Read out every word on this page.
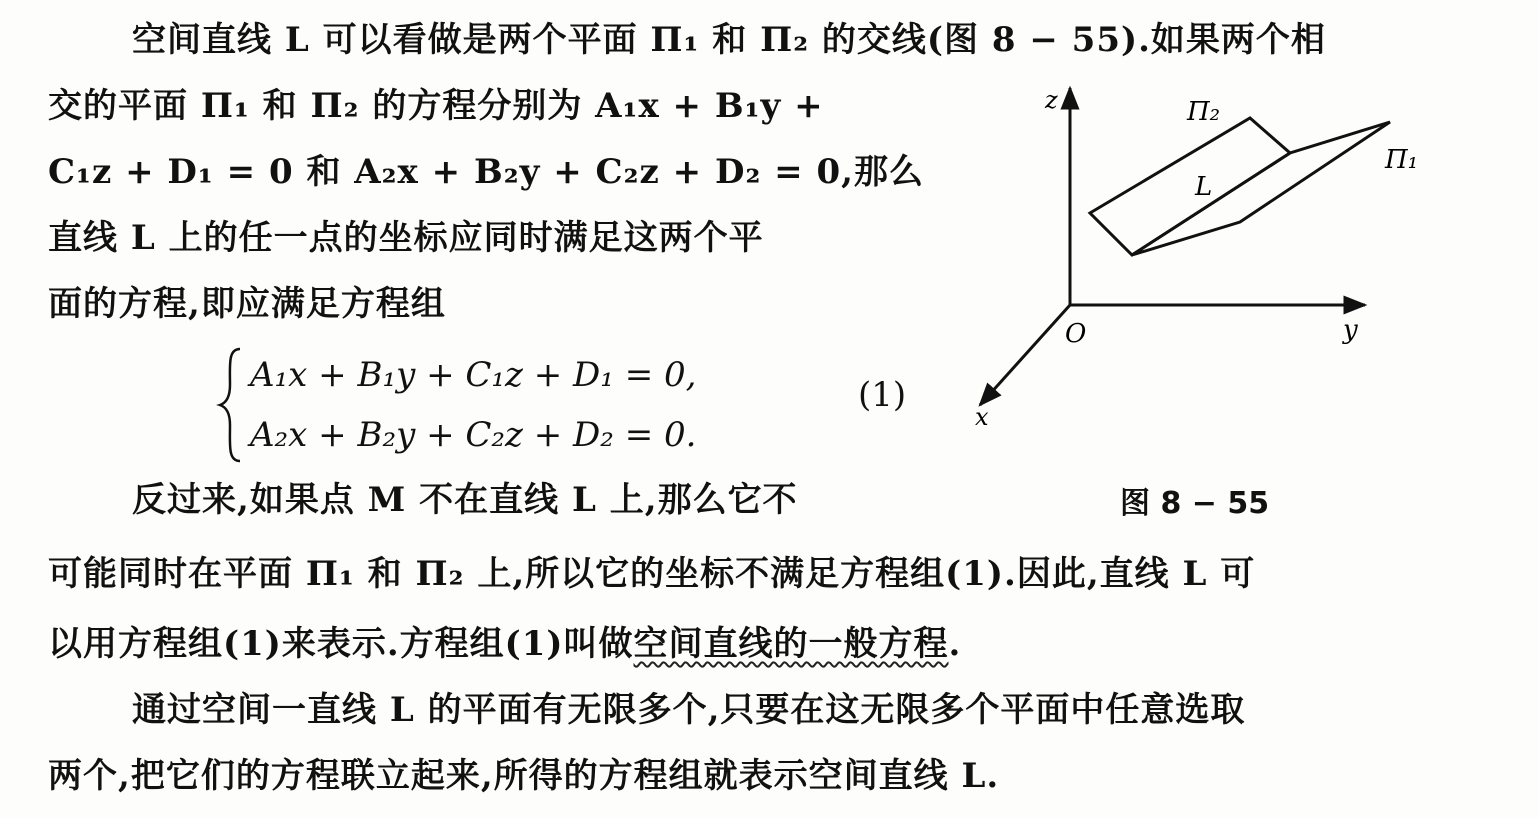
空间直线 L 可以看做是两个平面 Π₁ 和 Π₂ 的交线(图 8 − 55).如果两个相
交的平面 Π₁ 和 Π₂ 的方程分别为 A₁x + B₁y +
C₁z + D₁ = 0 和 A₂x + B₂y + C₂z + D₂ = 0,那么
直线 L 上的任一点的坐标应同时满足这两个平
面的方程,即应满足方程组
A₁x + B₁y + C₁z + D₁ = 0,
A₂x + B₂y + C₂z + D₂ = 0.
(1)
反过来,如果点 M 不在直线 L 上,那么它不
可能同时在平面 Π₁ 和 Π₂ 上,所以它的坐标不满足方程组(1).因此,直线 L 可
以用方程组(1)来表示.方程组(1)叫做空间直线的一般方程.
通过空间一直线 L 的平面有无限多个,只要在这无限多个平面中任意选取
两个,把它们的方程联立起来,所得的方程组就表示空间直线 L.
z
y
x
O
Π₁
Π₂
L
图 8 − 55
